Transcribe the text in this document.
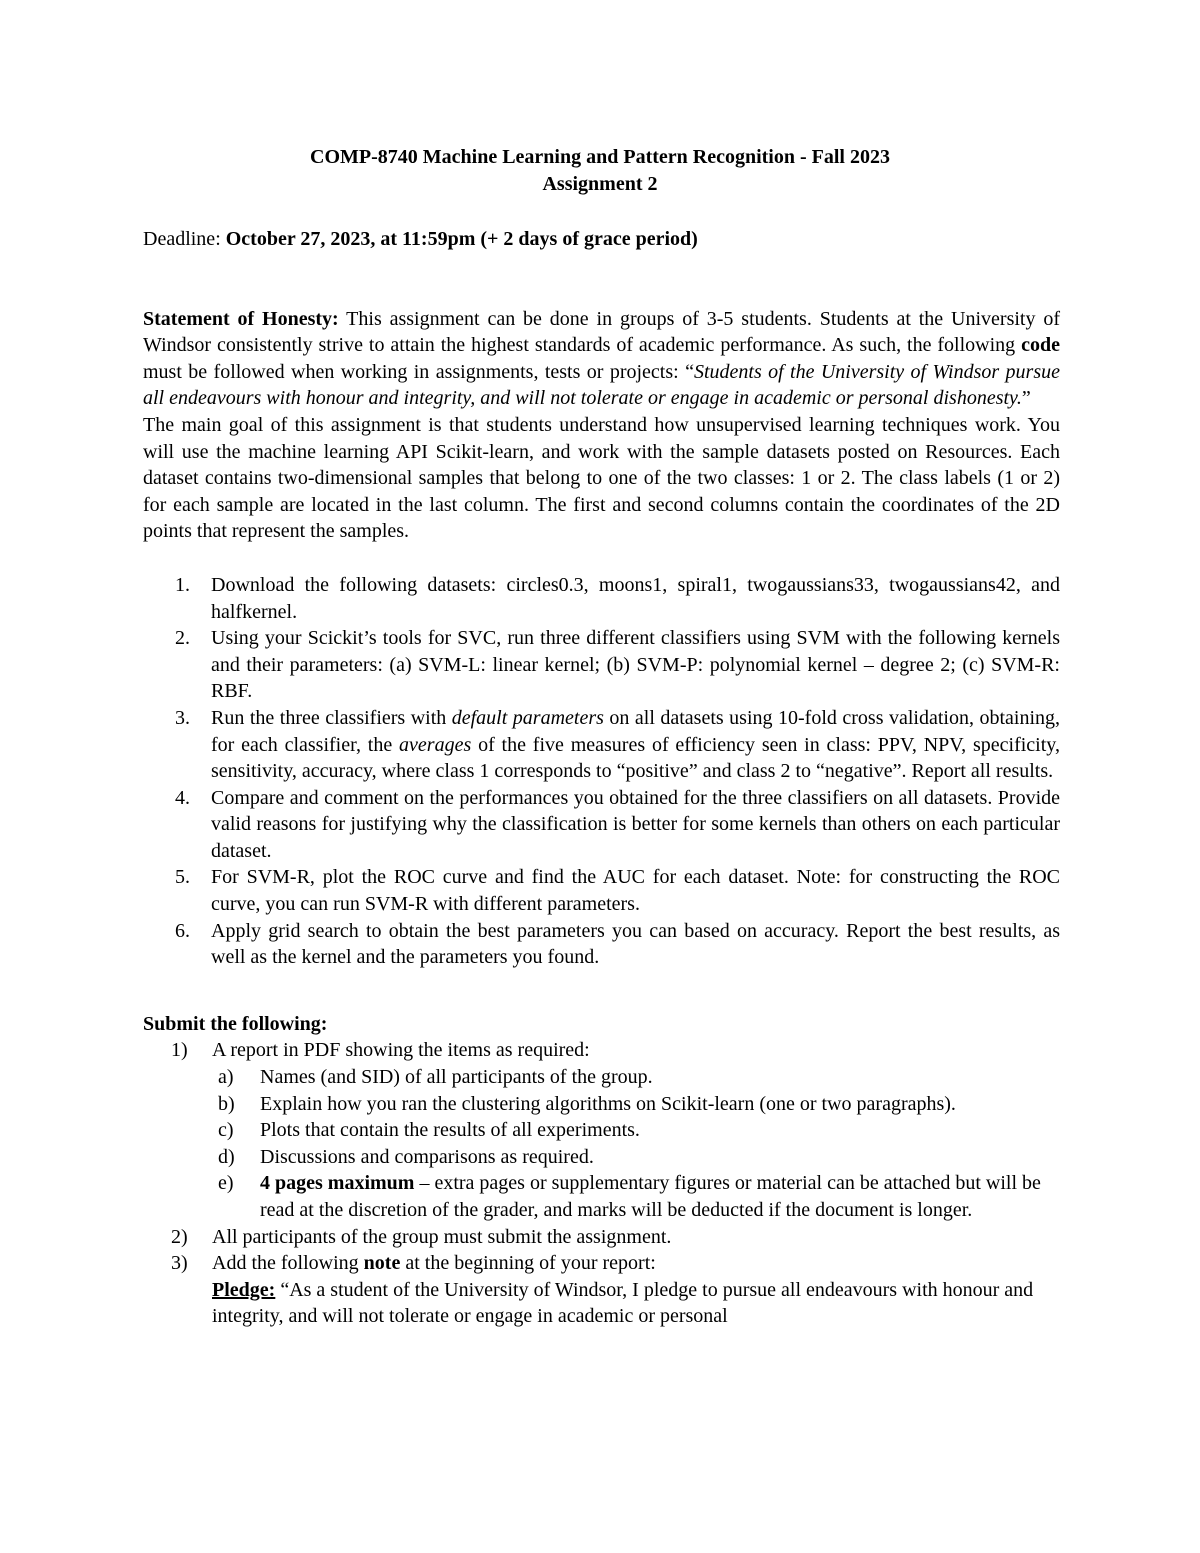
COMP-8740 Machine Learning and Pattern Recognition - Fall 2023
Assignment 2

Deadline: October 27, 2023, at 11:59pm (+ 2 days of grace period)

Statement of Honesty: This assignment can be done in groups of 3-5 students. Students at the University of Windsor consistently strive to attain the highest standards of academic performance. As such, the following code must be followed when working in assignments, tests or projects: “Students of the University of Windsor pursue all endeavours with honour and integrity, and will not tolerate or engage in academic or personal dishonesty.”

The main goal of this assignment is that students understand how unsupervised learning techniques work. You will use the machine learning API Scikit-learn, and work with the sample datasets posted on Resources. Each dataset contains two-dimensional samples that belong to one of the two classes: 1 or 2. The class labels (1 or 2) for each sample are located in the last column. The first and second columns contain the coordinates of the 2D points that represent the samples.

1. Download the following datasets: circles0.3, moons1, spiral1, twogaussians33, twogaussians42, and halfkernel.
2. Using your Scickit’s tools for SVC, run three different classifiers using SVM with the following kernels and their parameters: (a) SVM-L: linear kernel; (b) SVM-P: polynomial kernel – degree 2; (c) SVM-R: RBF.
3. Run the three classifiers with default parameters on all datasets using 10-fold cross validation, obtaining, for each classifier, the averages of the five measures of efficiency seen in class: PPV, NPV, specificity, sensitivity, accuracy, where class 1 corresponds to “positive” and class 2 to “negative”. Report all results.
4. Compare and comment on the performances you obtained for the three classifiers on all datasets. Provide valid reasons for justifying why the classification is better for some kernels than others on each particular dataset.
5. For SVM-R, plot the ROC curve and find the AUC for each dataset. Note: for constructing the ROC curve, you can run SVM-R with different parameters.
6. Apply grid search to obtain the best parameters you can based on accuracy. Report the best results, as well as the kernel and the parameters you found.

Submit the following:

1) A report in PDF showing the items as required:
a) Names (and SID) of all participants of the group.
b) Explain how you ran the clustering algorithms on Scikit-learn (one or two paragraphs).
c) Plots that contain the results of all experiments.
d) Discussions and comparisons as required.
e) 4 pages maximum – extra pages or supplementary figures or material can be attached but will be read at the discretion of the grader, and marks will be deducted if the document is longer.
2) All participants of the group must submit the assignment.
3) Add the following note at the beginning of your report:
Pledge: “As a student of the University of Windsor, I pledge to pursue all endeavours with honour and integrity, and will not tolerate or engage in academic or personal
